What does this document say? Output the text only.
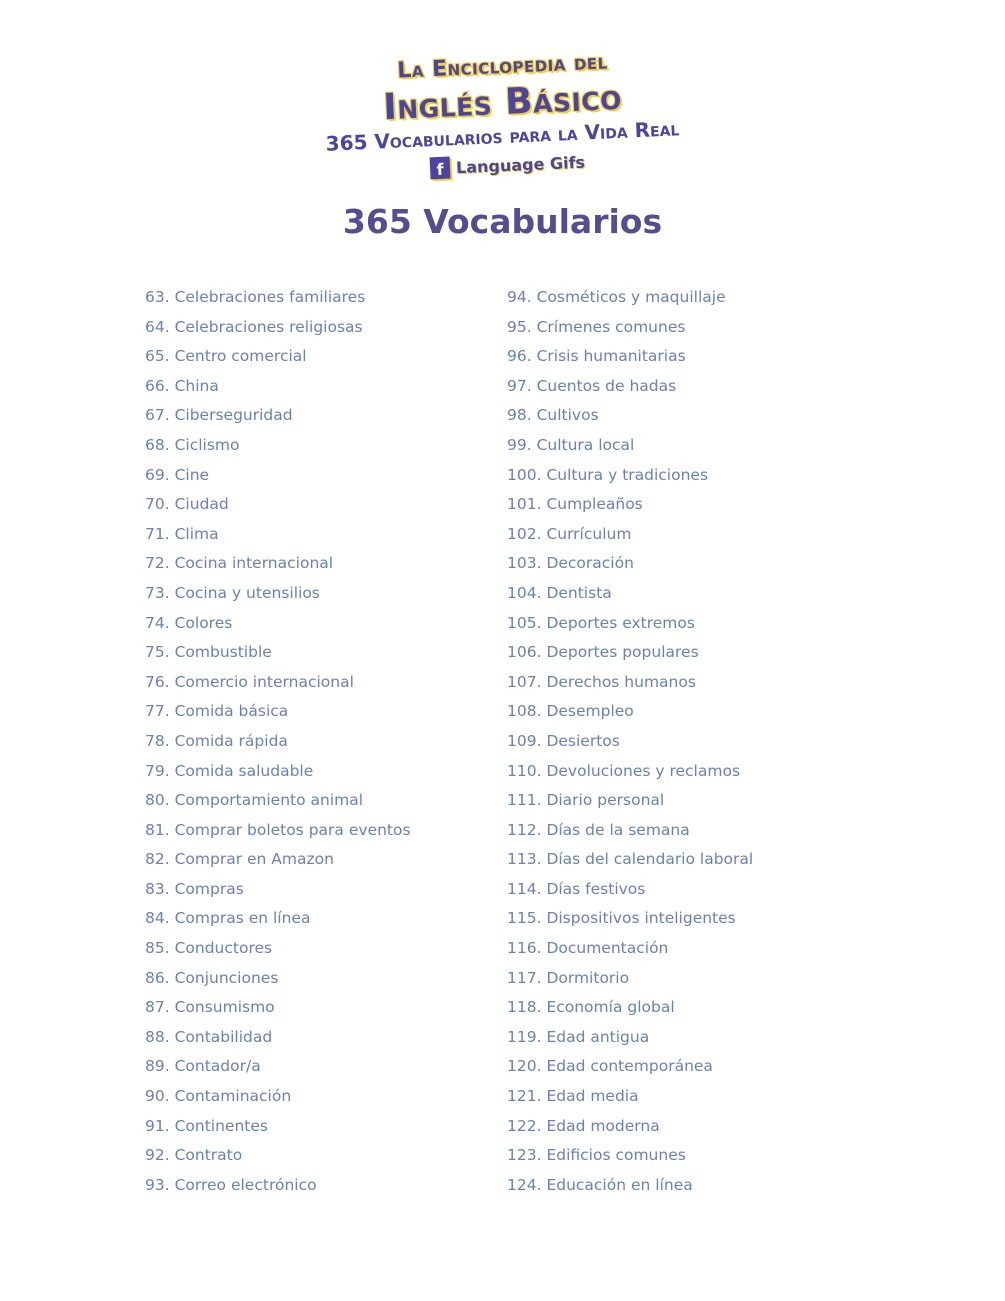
La Enciclopedia del
Inglés Básico
365 Vocabularios para la Vida Real
f Language Gifs
365 Vocabularios
63. Celebraciones familiares
64. Celebraciones religiosas
65. Centro comercial
66. China
67. Ciberseguridad
68. Ciclismo
69. Cine
70. Ciudad
71. Clima
72. Cocina internacional
73. Cocina y utensilios
74. Colores
75. Combustible
76. Comercio internacional
77. Comida básica
78. Comida rápida
79. Comida saludable
80. Comportamiento animal
81. Comprar boletos para eventos
82. Comprar en Amazon
83. Compras
84. Compras en línea
85. Conductores
86. Conjunciones
87. Consumismo
88. Contabilidad
89. Contador/a
90. Contaminación
91. Continentes
92. Contrato
93. Correo electrónico
94. Cosméticos y maquillaje
95. Crímenes comunes
96. Crisis humanitarias
97. Cuentos de hadas
98. Cultivos
99. Cultura local
100. Cultura y tradiciones
101. Cumpleaños
102. Currículum
103. Decoración
104. Dentista
105. Deportes extremos
106. Deportes populares
107. Derechos humanos
108. Desempleo
109. Desiertos
110. Devoluciones y reclamos
111. Diario personal
112. Días de la semana
113. Días del calendario laboral
114. Días festivos
115. Dispositivos inteligentes
116. Documentación
117. Dormitorio
118. Economía global
119. Edad antigua
120. Edad contemporánea
121. Edad media
122. Edad moderna
123. Edificios comunes
124. Educación en línea
